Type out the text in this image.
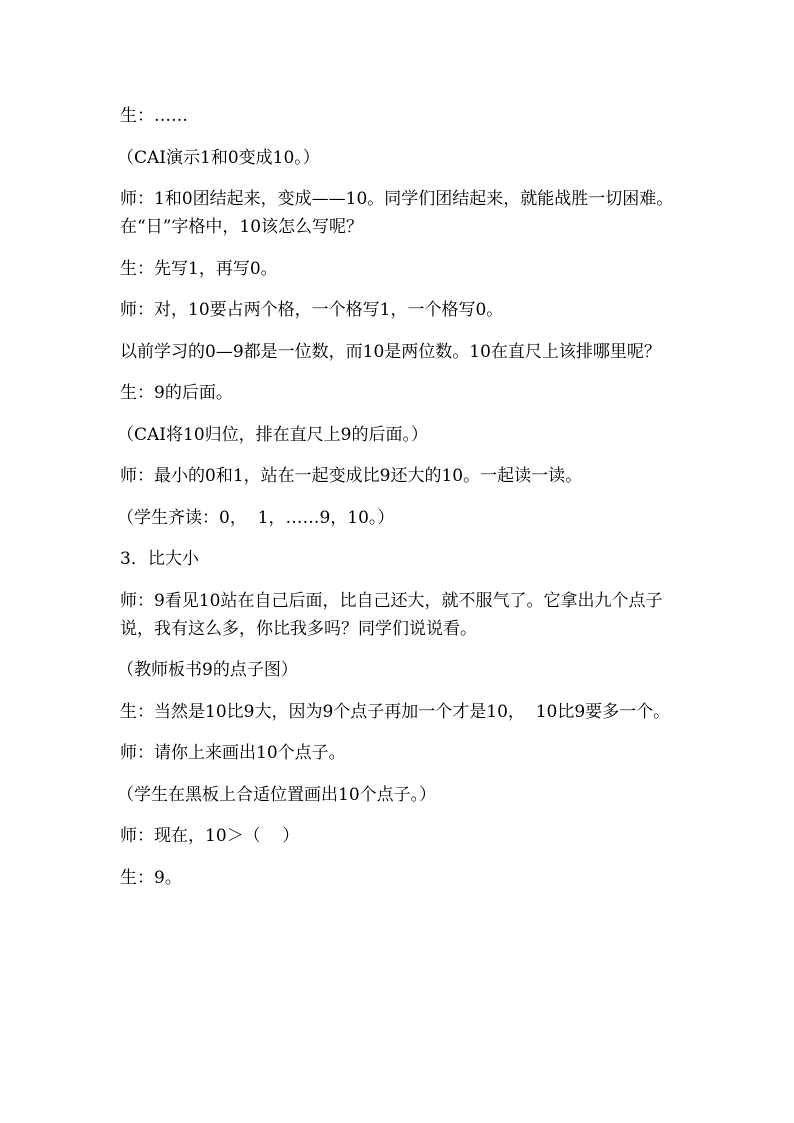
生：……

（CAI演示1和0变成10。）

师：1和0团结起来，变成——10。同学们团结起来，就能战胜一切困难。在“日”字格中，10该怎么写呢？

生：先写1，再写0。

师：对，10要占两个格，一个格写1，一个格写0。

以前学习的0—9都是一位数，而10是两位数。10在直尺上该排哪里呢？

生：9的后面。

（CAI将10归位，排在直尺上9的后面。）

师：最小的0和1，站在一起变成比9还大的10。一起读一读。

（学生齐读：0，  1，……9，10。）

3．比大小

师：9看见10站在自己后面，比自己还大，就不服气了。它拿出九个点子说，我有这么多，你比我多吗？同学们说说看。

（教师板书9的点子图）

生：当然是10比9大，因为9个点子再加一个才是10，  10比9要多一个。

师：请你上来画出10个点子。

（学生在黑板上合适位置画出10个点子。）

师：现在，10＞（    ）

生：9。
